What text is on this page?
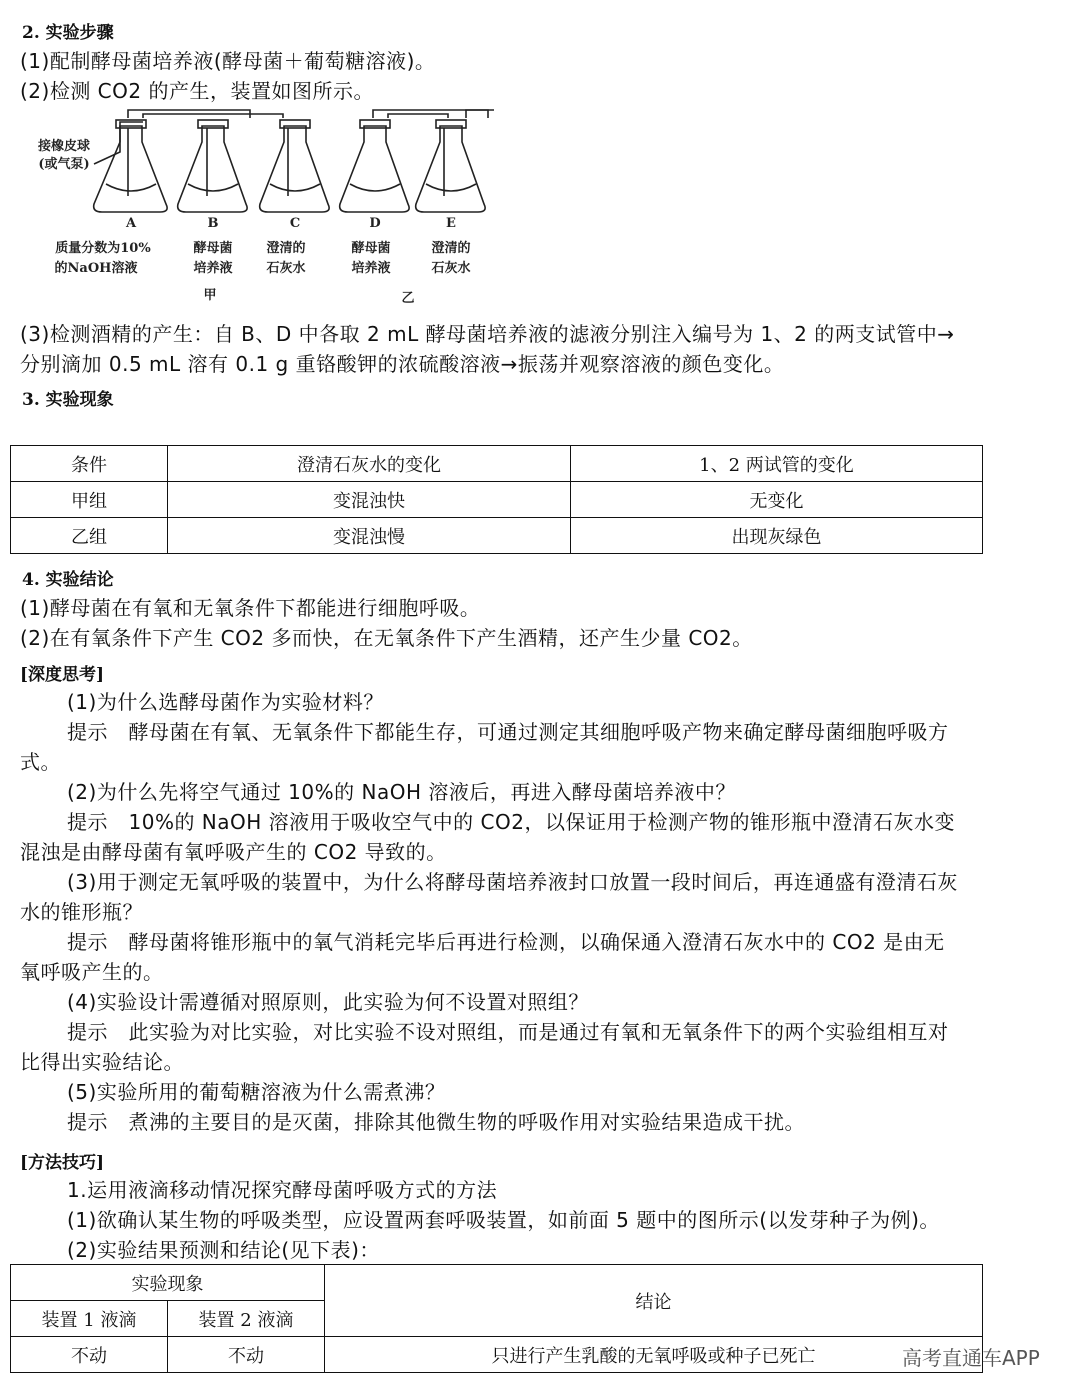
2. 实验步骤
(1)配制酵母菌培养液(酵母菌＋葡萄糖溶液)。
(2)检测 CO2 的产生，装置如图所示。
A	B	C	D	E
质量分数为10%
的NaOH溶液
酵母菌
培养液
澄清的
石灰水
酵母菌
培养液
澄清的
石灰水
甲	乙
接橡皮球
(或气泵)
(3)检测酒精的产生：自 B、D 中各取 2 mL 酵母菌培养液的滤液分别注入编号为 1、2 的两支试管中→
分别滴加 0.5 mL 溶有 0.1 g 重铬酸钾的浓硫酸溶液→振荡并观察溶液的颜色变化。
3. 实验现象
条件	澄清石灰水的变化	1、2 两试管的变化
甲组	变混浊快	无变化
乙组	变混浊慢	出现灰绿色
4. 实验结论
(1)酵母菌在有氧和无氧条件下都能进行细胞呼吸。
(2)在有氧条件下产生 CO2 多而快，在无氧条件下产生酒精，还产生少量 CO2。
[深度思考]
(1)为什么选酵母菌作为实验材料？
提示　酵母菌在有氧、无氧条件下都能生存，可通过测定其细胞呼吸产物来确定酵母菌细胞呼吸方
式。
(2)为什么先将空气通过 10%的 NaOH 溶液后，再进入酵母菌培养液中？
提示　10%的 NaOH 溶液用于吸收空气中的 CO2，以保证用于检测产物的锥形瓶中澄清石灰水变
混浊是由酵母菌有氧呼吸产生的 CO2 导致的。
(3)用于测定无氧呼吸的装置中，为什么将酵母菌培养液封口放置一段时间后，再连通盛有澄清石灰
水的锥形瓶？
提示　酵母菌将锥形瓶中的氧气消耗完毕后再进行检测，以确保通入澄清石灰水中的 CO2 是由无
氧呼吸产生的。
(4)实验设计需遵循对照原则，此实验为何不设置对照组？
提示　此实验为对比实验，对比实验不设对照组，而是通过有氧和无氧条件下的两个实验组相互对
比得出实验结论。
(5)实验所用的葡萄糖溶液为什么需煮沸？
提示　煮沸的主要目的是灭菌，排除其他微生物的呼吸作用对实验结果造成干扰。
[方法技巧]
1.运用液滴移动情况探究酵母菌呼吸方式的方法
(1)欲确认某生物的呼吸类型，应设置两套呼吸装置，如前面 5 题中的图所示(以发芽种子为例)。
(2)实验结果预测和结论(见下表)：
实验现象		结论
装置 1 液滴	装置 2 液滴	
不动	不动	只进行产生乳酸的无氧呼吸或种子已死亡	高考直通车APP
